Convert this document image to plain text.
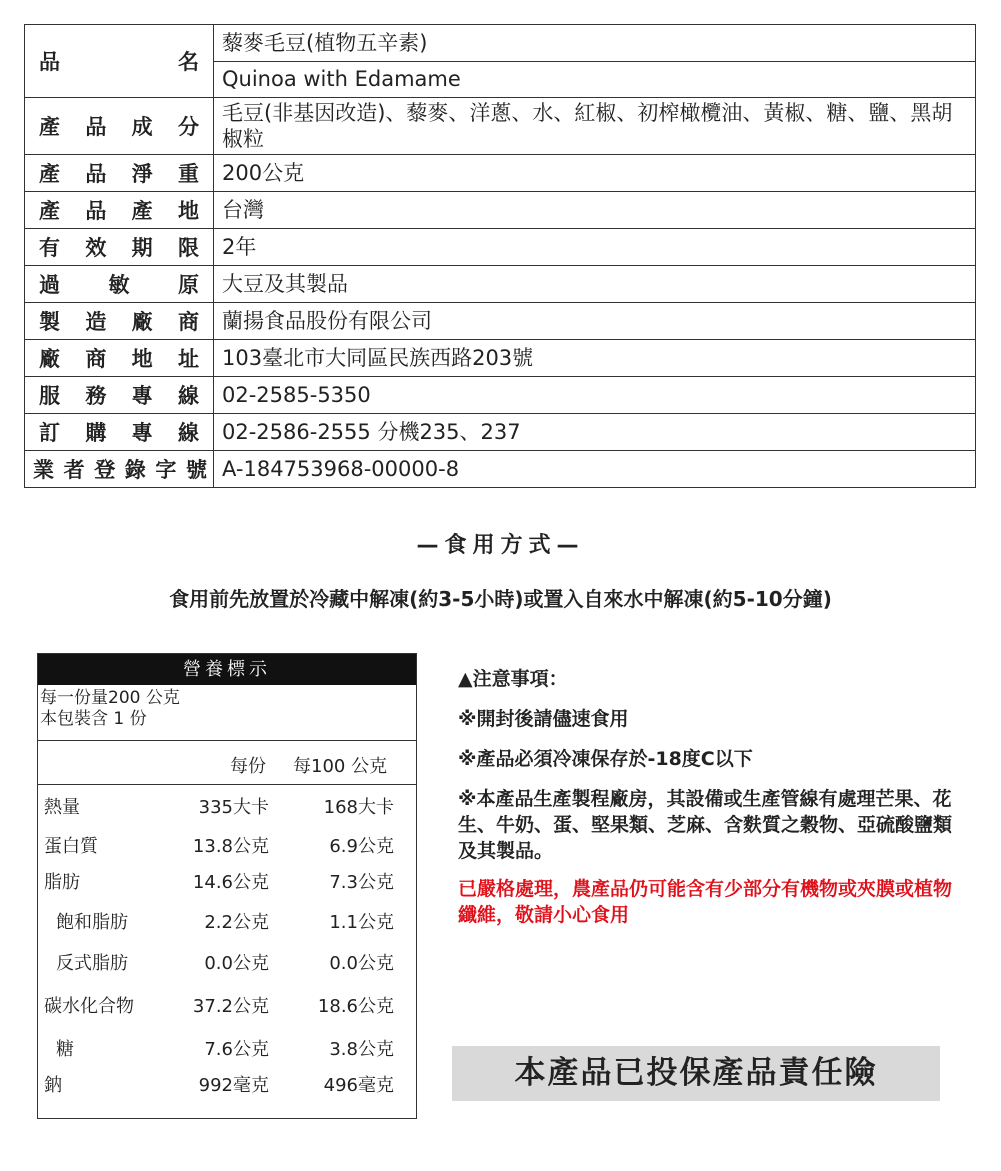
品　名	藜麥毛豆(植物五辛素)
Quinoa with Edamame

產品成分	毛豆(非基因改造)、藜麥、洋蔥、水、紅椒、初榨橄欖油、黃椒、糖、鹽、黑胡椒粒
產品淨重	200公克
產品產地	台灣
有效期限	2年
過敏原	大豆及其製品
製造廠商	蘭揚食品股份有限公司
廠商地址	103臺北市大同區民族西路203號
服務專線	02-2585-5350
訂購專線	02-2586-2555 分機235、237
業者登錄字號	A-184753968-00000-8
—食用方式—
食用前先放置於冷藏中解凍(約3-5小時)或置入自來水中解凍(約5-10分鐘)
營養標示
每一份量200 公克
本包裝含 1 份
每份 每100 公克
熱量	335大卡	168大卡
蛋白質	13.8公克	6.9公克
脂肪	14.6公克	7.3公克
飽和脂肪	2.2公克	1.1公克
反式脂肪	0.0公克	0.0公克
碳水化合物	37.2公克	18.6公克
糖	7.6公克	3.8公克
鈉	992毫克	496毫克
▲注意事項：
※開封後請儘速食用
※產品必須冷凍保存於-18度C以下
※本產品生產製程廠房，其設備或生產管線有處理芒果、花生、牛奶、蛋、堅果類、芝麻、含麩質之穀物、亞硫酸鹽類及其製品。
已嚴格處理，農產品仍可能含有少部分有機物或夾膜或植物纖維，敬請小心食用
本產品已投保產品責任險
